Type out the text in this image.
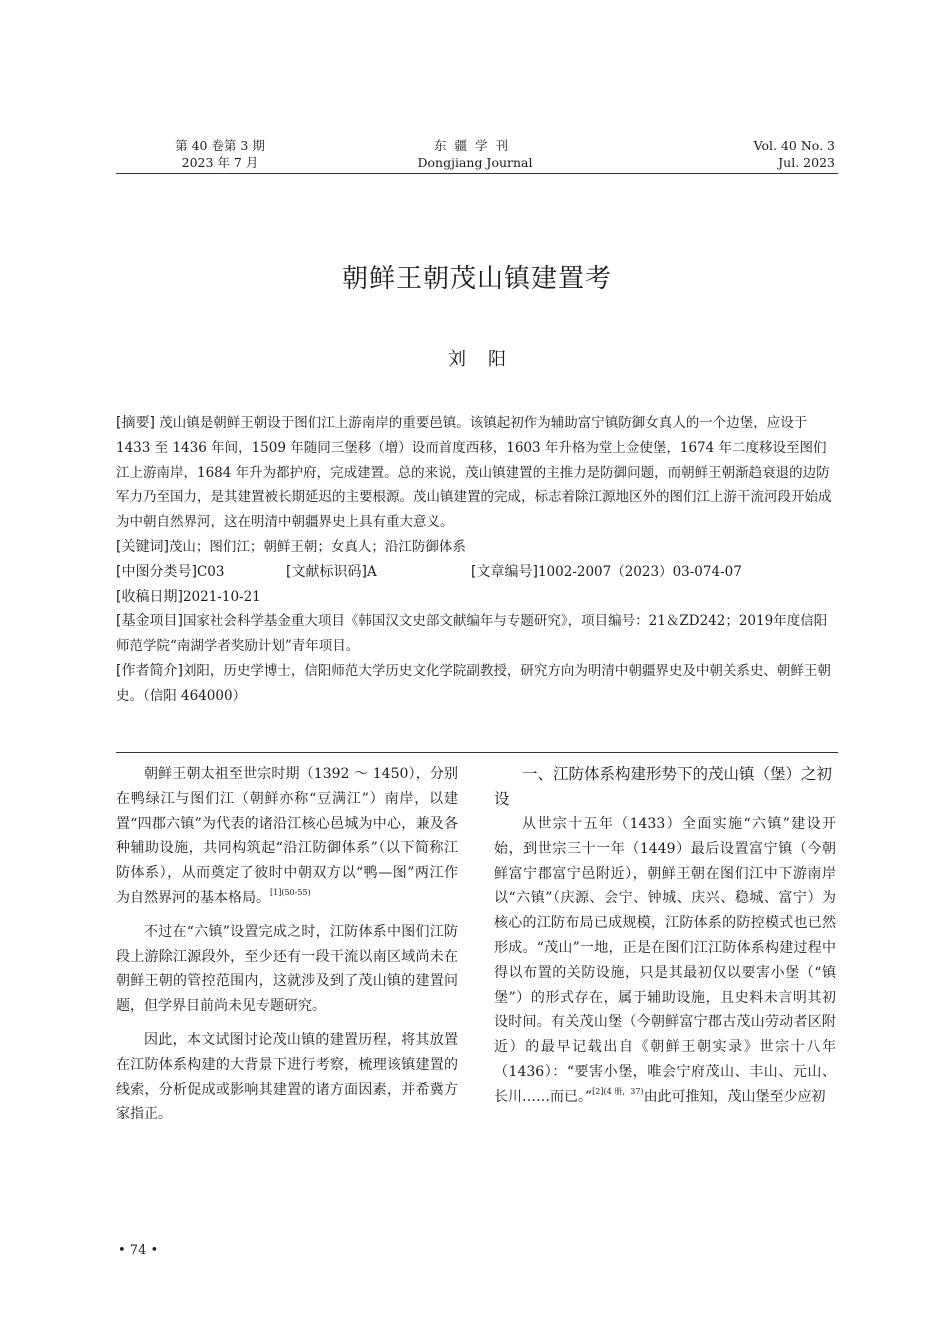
第 40 卷第 3 期
2023 年 7 月
东疆学刊
Dongjiang Journal
Vol. 40 No. 3
Jul. 2023
朝鲜王朝茂山镇建置考
刘阳

[摘要] 茂山镇是朝鲜王朝设于图们江上游南岸的重要邑镇。该镇起初作为辅助富宁镇防御女真人的一个边堡，应设于 1433 至 1436 年间，1509 年随同三堡移（增）设而首度西移，1603 年升格为堂上佥使堡，1674 年二度移设至图们江上游南岸，1684 年升为都护府，完成建置。总的来说，茂山镇建置的主推力是防御问题，而朝鲜王朝渐趋衰退的边防军力乃至国力，是其建置被长期延迟的主要根源。茂山镇建置的完成，标志着除江源地区外的图们江上游干流河段开始成为中朝自然界河，这在明清中朝疆界史上具有重大意义。

[关键词]茂山；图们江；朝鲜王朝；女真人；沿江防御体系

[中图分类号]C03	[文献标识码]A	[文章编号]1002-2007（2023）03-074-07

[收稿日期]2021-10-21

[基金项目]国家社会科学基金重大项目《韩国汉文史部文献编年与专题研究》，项目编号：21＆ZD242；2019年度信阳师范学院“南湖学者奖励计划”青年项目。

[作者简介]刘阳，历史学博士，信阳师范大学历史文化学院副教授，研究方向为明清中朝疆界史及中朝关系史、朝鲜王朝史。（信阳 464000）

朝鲜王朝太祖至世宗时期（1392 ～ 1450），分别在鸭绿江与图们江（朝鲜亦称“豆满江”）南岸，以建置“四郡六镇”为代表的诸沿江核心邑城为中心，兼及各种辅助设施，共同构筑起“沿江防御体系”（以下简称江防体系），从而奠定了彼时中朝双方以“鸭—图”两江作为自然界河的基本格局。$^{[1](50-55)}$

不过在“六镇”设置完成之时，江防体系中图们江防段上游除江源段外，至少还有一段干流以南区域尚未在朝鲜王朝的管控范围内，这就涉及到了茂山镇的建置问题，但学界目前尚未见专题研究。

因此，本文试图讨论茂山镇的建置历程，将其放置在江防体系构建的大背景下进行考察，梳理该镇建置的线索，分析促成或影响其建置的诸方面因素，并希冀方家指正。

一、江防体系构建形势下的茂山镇（堡）之初设

从世宗十五年（1433）全面实施“六镇”建设开始，到世宗三十一年（1449）最后设置富宁镇（今朝鲜富宁郡富宁邑附近），朝鲜王朝在图们江中下游南岸以“六镇”（庆源、会宁、钟城、庆兴、稳城、富宁）为核心的江防布局已成规模，江防体系的防控模式也已然形成。“茂山”一地，正是在图们江江防体系构建过程中得以布置的关防设施，只是其最初仅以要害小堡（“镇堡”）的形式存在，属于辅助设施，且史料未言明其初设时间。有关茂山堡（今朝鲜富宁郡古茂山劳动者区附近）的最早记载出自《朝鲜王朝实录》世宗十八年（1436）：“要害小堡，唯会宁府茂山、丰山、元山、长川……而已。”$^{[2](4 册,37)}$由此可推知，茂山堡至少应初

• 74 •
